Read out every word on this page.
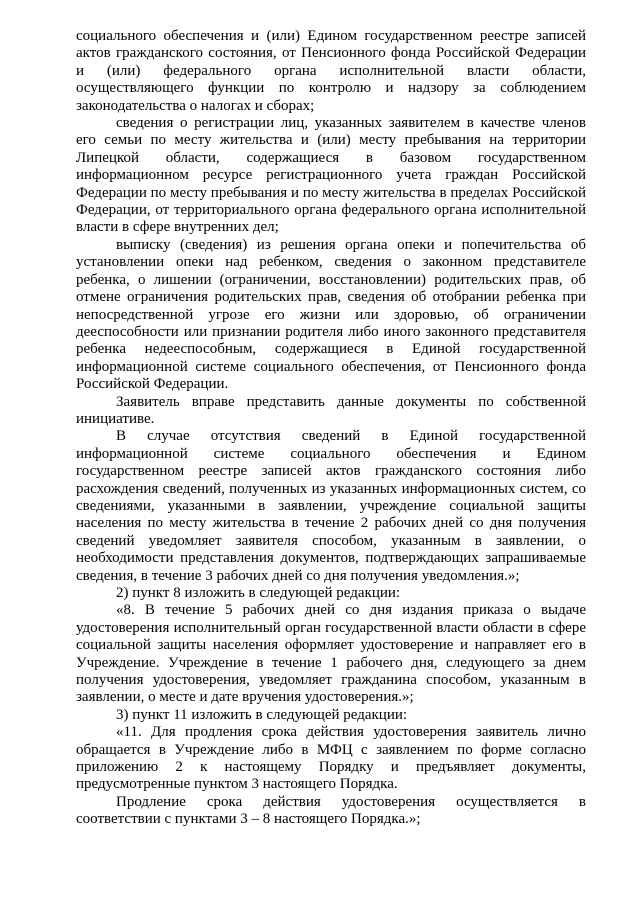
социального обеспечения и (или) Едином государственном реестре записей актов гражданского состояния, от Пенсионного фонда Российской Федерации и (или) федерального органа исполнительной власти области, осуществляющего функции по контролю и надзору за соблюдением законодательства о налогах и сборах;

сведения о регистрации лиц, указанных заявителем в качестве членов его семьи по месту жительства и (или) месту пребывания на территории Липецкой области, содержащиеся в базовом государственном информационном ресурсе регистрационного учета граждан Российской Федерации по месту пребывания и по месту жительства в пределах Российской Федерации, от территориального органа федерального органа исполнительной власти в сфере внутренних дел;

выписку (сведения) из решения органа опеки и попечительства об установлении опеки над ребенком, сведения о законном представителе ребенка, о лишении (ограничении, восстановлении) родительских прав, об отмене ограничения родительских прав, сведения об отобрании ребенка при непосредственной угрозе его жизни или здоровью, об ограничении дееспособности или признании родителя либо иного законного представителя ребенка недееспособным, содержащиеся в Единой государственной информационной системе социального обеспечения, от Пенсионного фонда Российской Федерации.

Заявитель вправе представить данные документы по собственной инициативе.

В случае отсутствия сведений в Единой государственной информационной системе социального обеспечения и Едином государственном реестре записей актов гражданского состояния либо расхождения сведений, полученных из указанных информационных систем, со сведениями, указанными в заявлении, учреждение социальной защиты населения по месту жительства в течение 2 рабочих дней со дня получения сведений уведомляет заявителя способом, указанным в заявлении, о необходимости представления документов, подтверждающих запрашиваемые сведения, в течение 3 рабочих дней со дня получения уведомления.»;

2) пункт 8 изложить в следующей редакции:

«8. В течение 5 рабочих дней со дня издания приказа о выдаче удостоверения исполнительный орган государственной власти области в сфере социальной защиты населения оформляет удостоверение и направляет его в Учреждение. Учреждение в течение 1 рабочего дня, следующего за днем получения удостоверения, уведомляет гражданина способом, указанным в заявлении, о месте и дате вручения удостоверения.»;

3) пункт 11 изложить в следующей редакции:

«11. Для продления срока действия удостоверения заявитель лично обращается в Учреждение либо в МФЦ с заявлением по форме согласно приложению 2 к настоящему Порядку и предъявляет документы, предусмотренные пунктом 3 настоящего Порядка.

Продление срока действия удостоверения осуществляется в соответствии с пунктами 3 – 8 настоящего Порядка.»;
